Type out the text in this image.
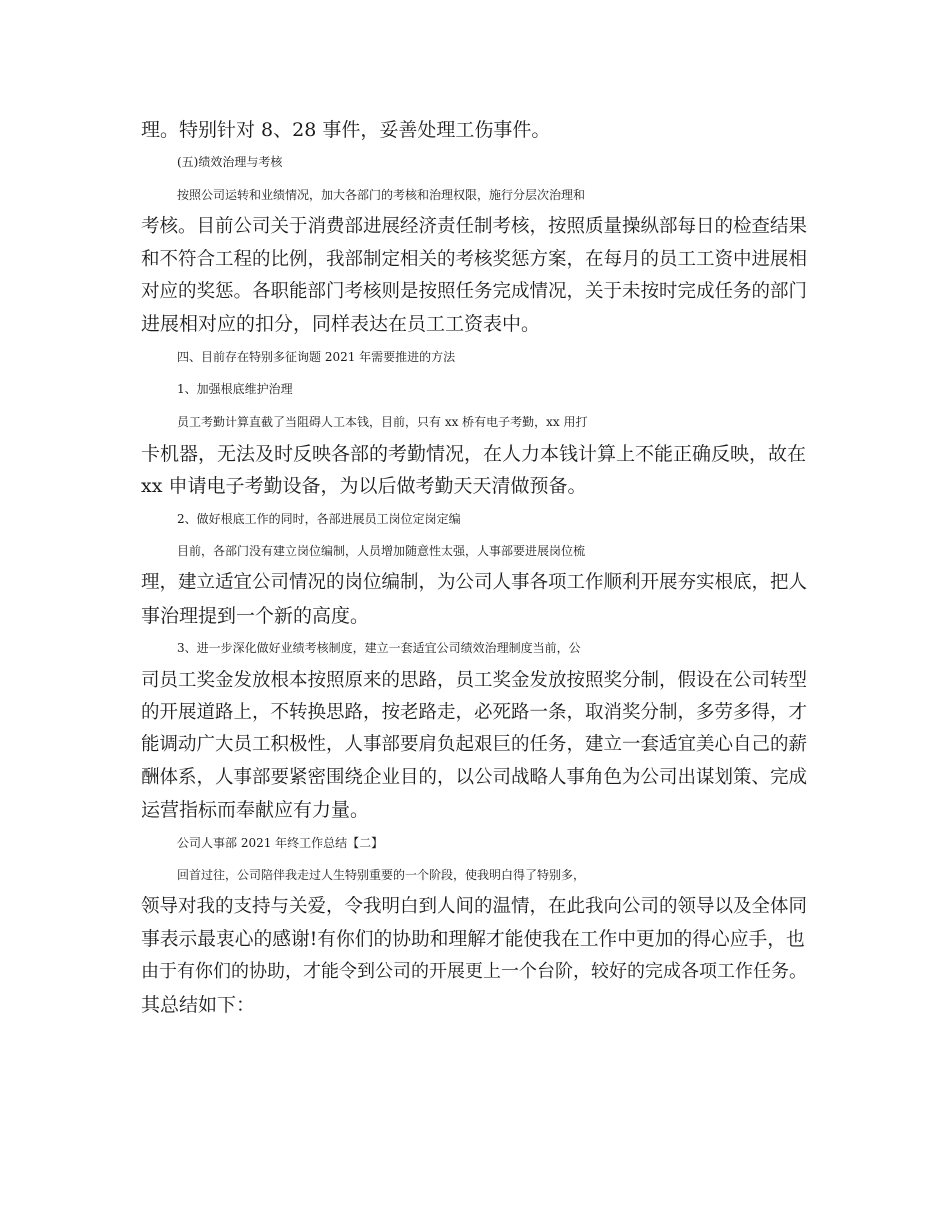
理。特别针对 8、28 事件，妥善处理工伤事件。

(五)绩效治理与考核

按照公司运转和业绩情况，加大各部门的考核和治理权限，施行分层次治理和

考核。目前公司关于消费部进展经济责任制考核，按照质量操纵部每日的检查结果

和不符合工程的比例，我部制定相关的考核奖惩方案，在每月的员工工资中进展相

对应的奖惩。各职能部门考核则是按照任务完成情况，关于未按时完成任务的部门

进展相对应的扣分，同样表达在员工工资表中。

四、目前存在特别多征询题 2021 年需要推进的方法

1、加强根底维护治理

员工考勤计算直截了当阻碍人工本钱，目前，只有 xx 桥有电子考勤，xx 用打

卡机器，无法及时反映各部的考勤情况，在人力本钱计算上不能正确反映，故在

xx 申请电子考勤设备，为以后做考勤天天清做预备。

2、做好根底工作的同时，各部进展员工岗位定岗定编

目前，各部门没有建立岗位编制，人员增加随意性太强，人事部要进展岗位梳

理，建立适宜公司情况的岗位编制，为公司人事各项工作顺利开展夯实根底，把人

事治理提到一个新的高度。

3、进一步深化做好业绩考核制度，建立一套适宜公司绩效治理制度当前，公

司员工奖金发放根本按照原来的思路，员工奖金发放按照奖分制，假设在公司转型

的开展道路上，不转换思路，按老路走，必死路一条，取消奖分制，多劳多得，才

能调动广大员工积极性，人事部要肩负起艰巨的任务，建立一套适宜美心自己的薪

酬体系，人事部要紧密围绕企业目的，以公司战略人事角色为公司出谋划策、完成

运营指标而奉献应有力量。

公司人事部 2021 年终工作总结【二】

回首过往，公司陪伴我走过人生特别重要的一个阶段，使我明白得了特别多，

领导对我的支持与关爱，令我明白到人间的温情，在此我向公司的领导以及全体同

事表示最衷心的感谢!有你们的协助和理解才能使我在工作中更加的得心应手，也

由于有你们的协助，才能令到公司的开展更上一个台阶，较好的完成各项工作任务。

其总结如下：
